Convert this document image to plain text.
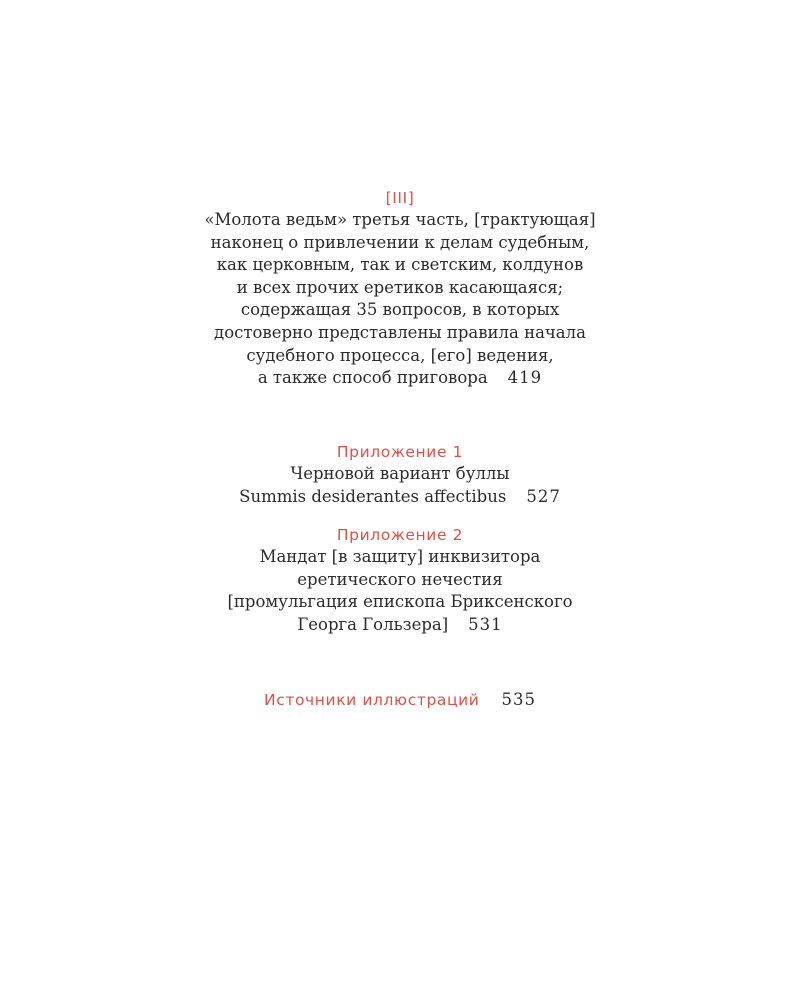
[III]
«Молота ведьм» третья часть, [трактующая]
наконец о привлечении к делам судебным,
как церковным, так и светским, колдунов
и всех прочих еретиков касающаяся;
содержащая 35 вопросов, в которых
достоверно представлены правила начала
судебного процесса, [его] ведения,
а также способ приговора 419
Приложение 1
Черновой вариант буллы
Summis desiderantes affectibus 527
Приложение 2
Мандат [в защиту] инквизитора
еретического нечестия
[промульгация епископа Бриксенского
Георга Гользера] 531
Источники иллюстраций 535
